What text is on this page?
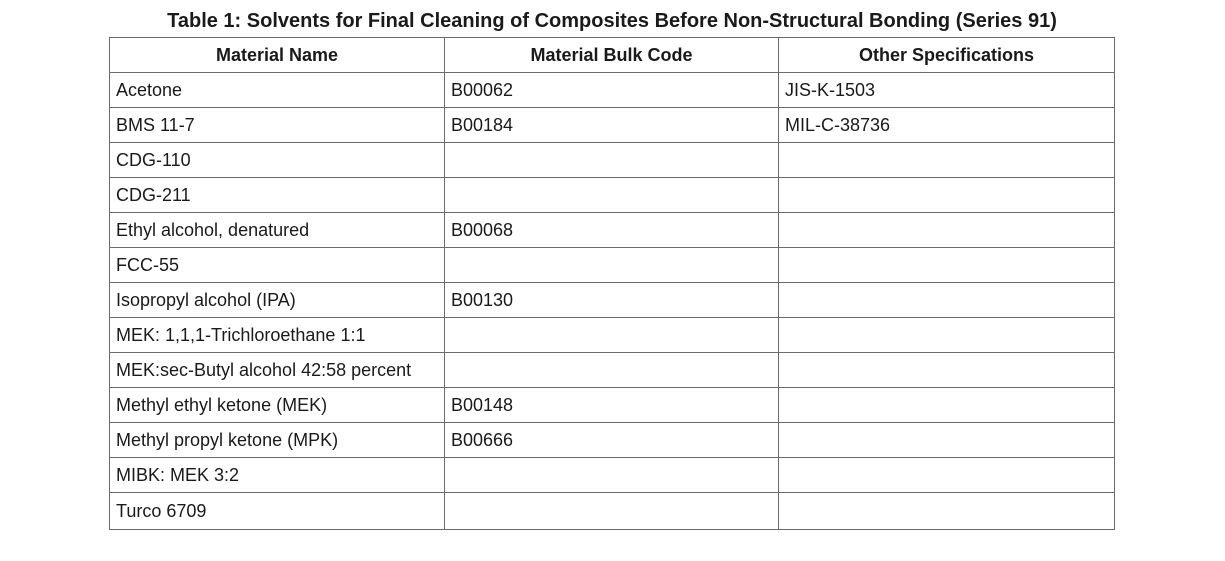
Table 1: Solvents for Final Cleaning of Composites Before Non-Structural Bonding (Series 91)
Material Name	Material Bulk Code	Other Specifications
Acetone	B00062	JIS-K-1503
BMS 11-7	B00184	MIL-C-38736
CDG-110		
CDG-211		
Ethyl alcohol, denatured	B00068	
FCC-55		
Isopropyl alcohol (IPA)	B00130	
MEK: 1,1,1-Trichloroethane 1:1		
MEK:sec-Butyl alcohol 42:58 percent		
Methyl ethyl ketone (MEK)	B00148	
Methyl propyl ketone (MPK)	B00666	
MIBK: MEK 3:2		
Turco 6709		
